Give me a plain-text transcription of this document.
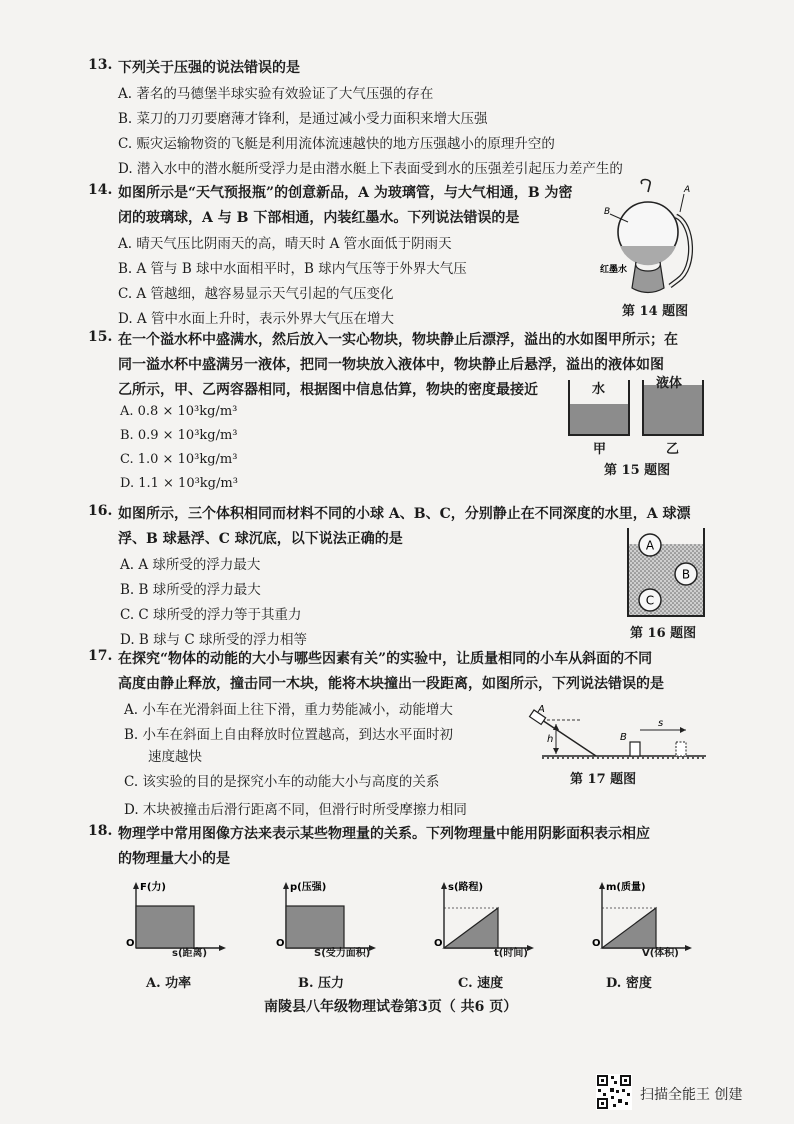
13. 下列关于压强的说法错误的是
A. 著名的马德堡半球实验有效验证了大气压强的存在
B. 菜刀的刀刃要磨薄才锋利，是通过减小受力面积来增大压强
C. 赈灾运输物资的飞艇是利用流体流速越快的地方压强越小的原理升空的
D. 潜入水中的潜水艇所受浮力是由潜水艇上下表面受到水的压强差引起压力差产生的
14. 如图所示是“天气预报瓶”的创意新品，A 为玻璃管，与大气相通，B 为密
闭的玻璃球，A 与 B 下部相通，内装红墨水。下列说法错误的是
A. 晴天气压比阴雨天的高，晴天时 A 管水面低于阴雨天
B. A 管与 B 球中水面相平时，B 球内气压等于外界大气压
C. A 管越细，越容易显示天气引起的气压变化
D. A 管中水面上升时，表示外界大气压在增大
B
A
红墨水
第 14 题图
15. 在一个溢水杯中盛满水，然后放入一实心物块，物块静止后漂浮，溢出的水如图甲所示；在
同一溢水杯中盛满另一液体，把同一物块放入液体中，物块静止后悬浮，溢出的液体如图
乙所示，甲、乙两容器相同，根据图中信息估算，物块的密度最接近
A. 0.8 × 10³kg/m³
B. 0.9 × 10³kg/m³
C. 1.0 × 10³kg/m³
D. 1.1 × 10³kg/m³
水	液体
甲	乙
第 15 题图
16. 如图所示，三个体积相同而材料不同的小球 A、B、C，分别静止在不同深度的水里，A 球漂
浮、B 球悬浮、C 球沉底，以下说法正确的是
A. A 球所受的浮力最大
B. B 球所受的浮力最大
C. C 球所受的浮力等于其重力
D. B 球与 C 球所受的浮力相等
A
B
C
第 16 题图
17. 在探究“物体的动能的大小与哪些因素有关”的实验中，让质量相同的小车从斜面的不同
高度由静止释放，撞击同一木块，能将木块撞出一段距离，如图所示，下列说法错误的是
A. 小车在光滑斜面上往下滑，重力势能减小，动能增大
B. 小车在斜面上自由释放时位置越高，到达水平面时初
速度越快
C. 该实验的目的是探究小车的动能大小与高度的关系
D. 木块被撞击后滑行距离不同，但滑行时所受摩擦力相同
h
A
B
s
第 17 题图
18. 物理学中常用图像方法来表示某些物理量的关系。下列物理量中能用阴影面积表示相应
的物理量大小的是
F(力)
O
s(距离)
A. 功率
p(压强)
O
S(受力面积)
B. 压力
s(路程)
O
t(时间)
C. 速度
m(质量)
O
V(体积)
D. 密度
南陵县八年级物理试卷第3页（ 共6 页）
扫描全能王 创建
